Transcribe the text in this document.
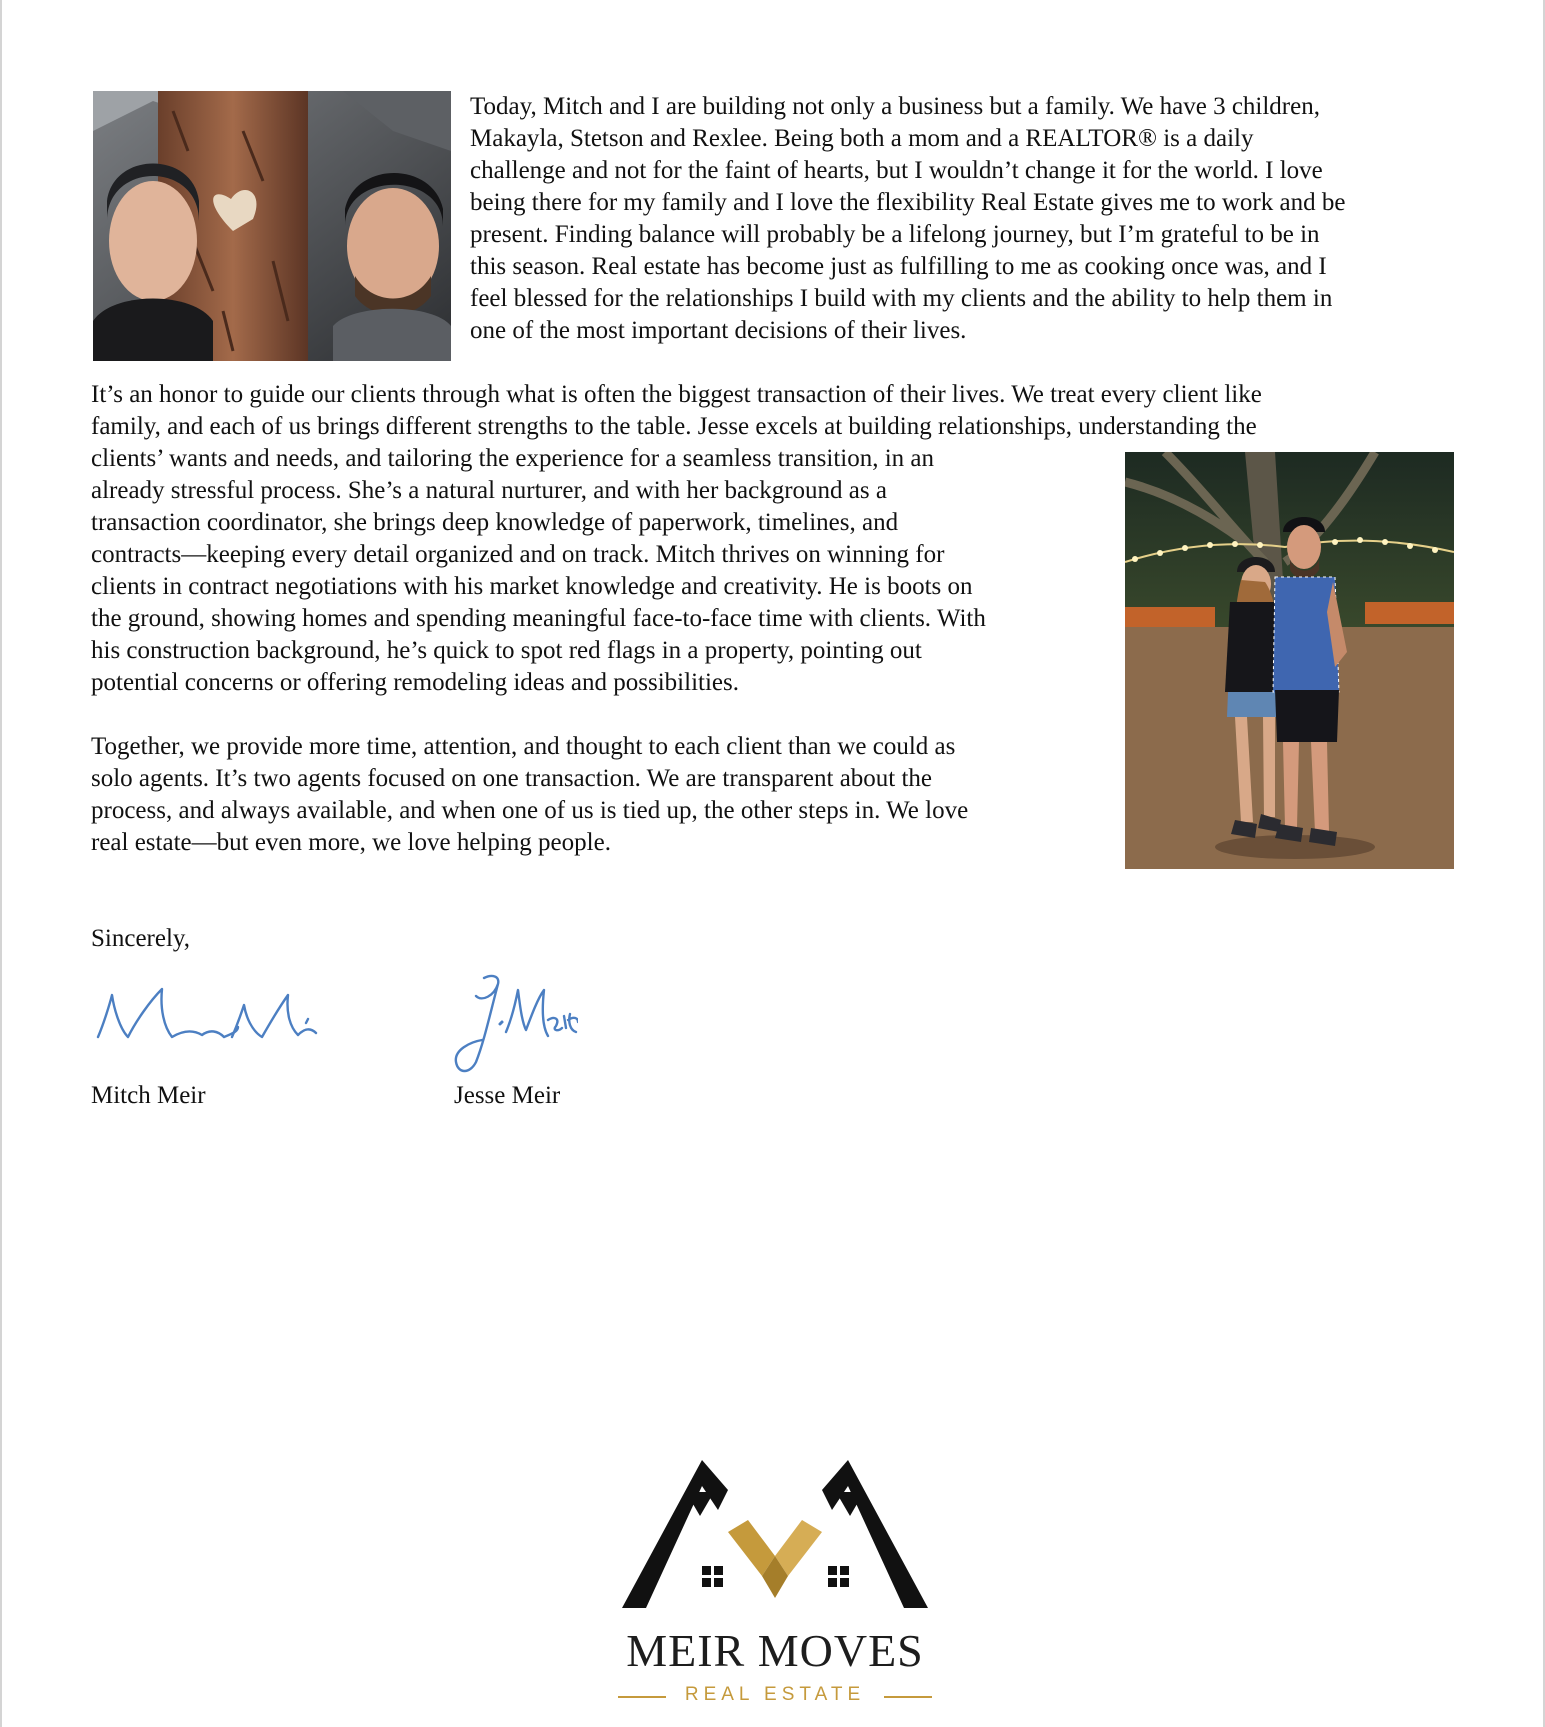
Today, Mitch and I are building not only a business but a family. We have 3 children,
Makayla, Stetson and Rexlee. Being both a mom and a REALTOR® is a daily
challenge and not for the faint of hearts, but I wouldn’t change it for the world. I love
being there for my family and I love the flexibility Real Estate gives me to work and be
present. Finding balance will probably be a lifelong journey, but I’m grateful to be in
this season. Real estate has become just as fulfilling to me as cooking once was, and I
feel blessed for the relationships I build with my clients and the ability to help them in
one of the most important decisions of their lives.
It’s an honor to guide our clients through what is often the biggest transaction of their lives. We treat every client like
family, and each of us brings different strengths to the table. Jesse excels at building relationships, understanding the
clients’ wants and needs, and tailoring the experience for a seamless transition, in an
already stressful process. She’s a natural nurturer, and with her background as a
transaction coordinator, she brings deep knowledge of paperwork, timelines, and
contracts—keeping every detail organized and on track. Mitch thrives on winning for
clients in contract negotiations with his market knowledge and creativity. He is boots on
the ground, showing homes and spending meaningful face-to-face time with clients. With
his construction background, he’s quick to spot red flags in a property, pointing out
potential concerns or offering remodeling ideas and possibilities.
Together, we provide more time, attention, and thought to each client than we could as
solo agents. It’s two agents focused on one transaction. We are transparent about the
process, and always available, and when one of us is tied up, the other steps in. We love
real estate—but even more, we love helping people.

Sincerely,

Mitch Meir	Jesse Meir

MEIR MOVES
REAL ESTATE
